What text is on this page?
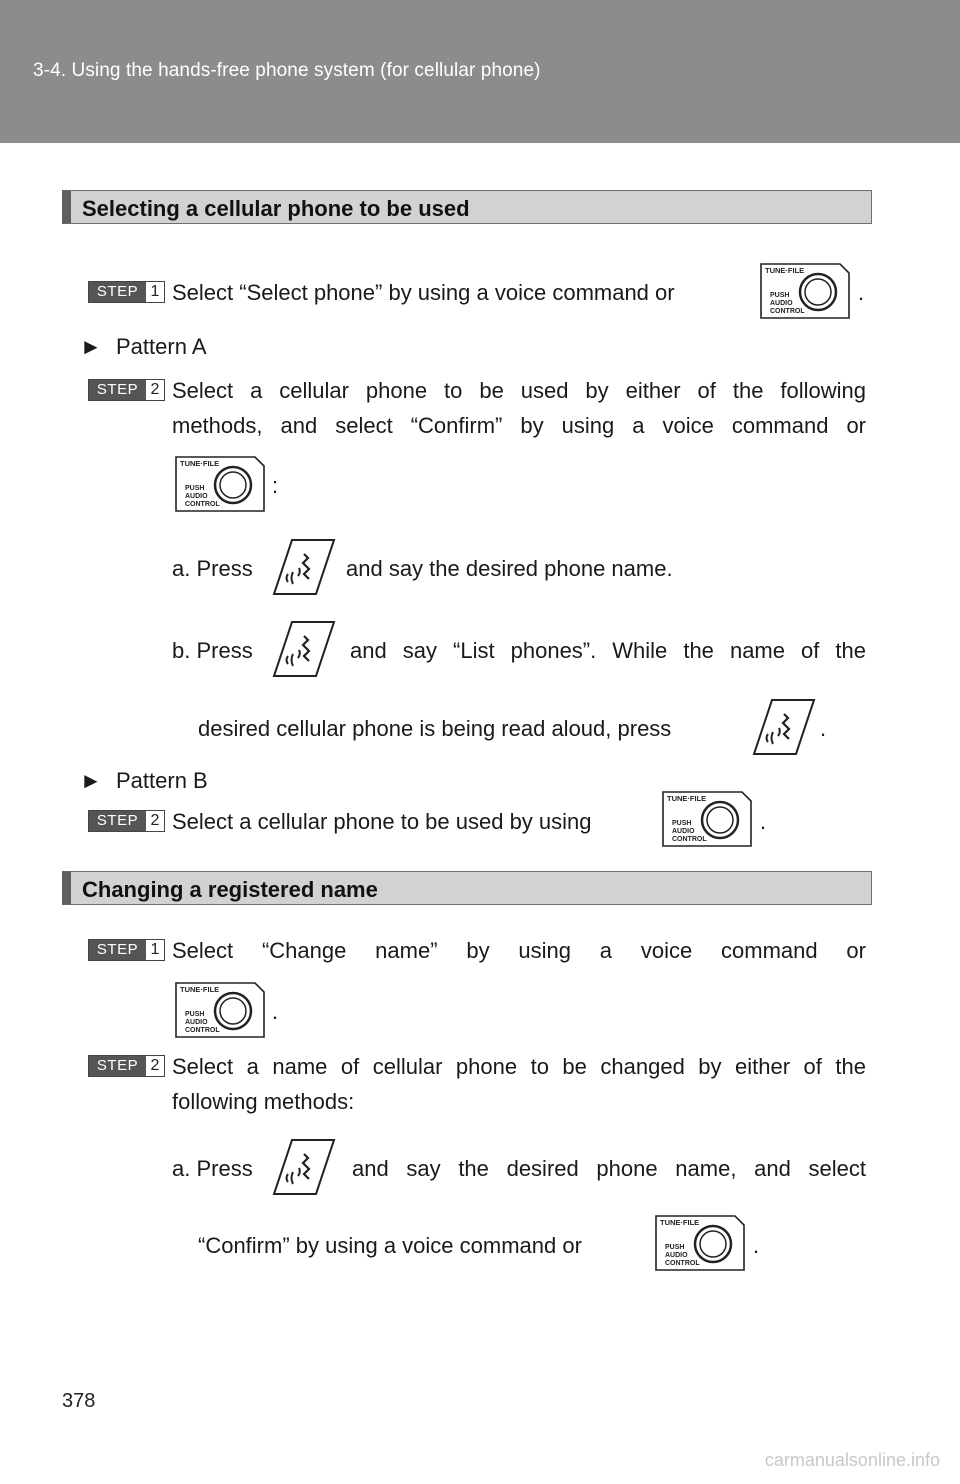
3-4. Using the hands-free phone system (for cellular phone)
Selecting a cellular phone to be used
STEP 1 Select “Select phone” by using a voice command or	.
► Pattern A
STEP 2 Select a cellular phone to be used by either of the following
methods, and select “Confirm” by using a voice command or
:
a. Press	and say the desired phone name.
b. Press	and say “List phones”. While the name of the
desired cellular phone is being read aloud, press	.
► Pattern B
STEP 2 Select a cellular phone to be used by using	.
Changing a registered name
STEP 1 Select “Change name” by using a voice command or
.
STEP 2 Select a name of cellular phone to be changed by either of the
following methods:
a. Press	and say the desired phone name, and select
“Confirm” by using a voice command or	.
378
carmanualsonline.info
